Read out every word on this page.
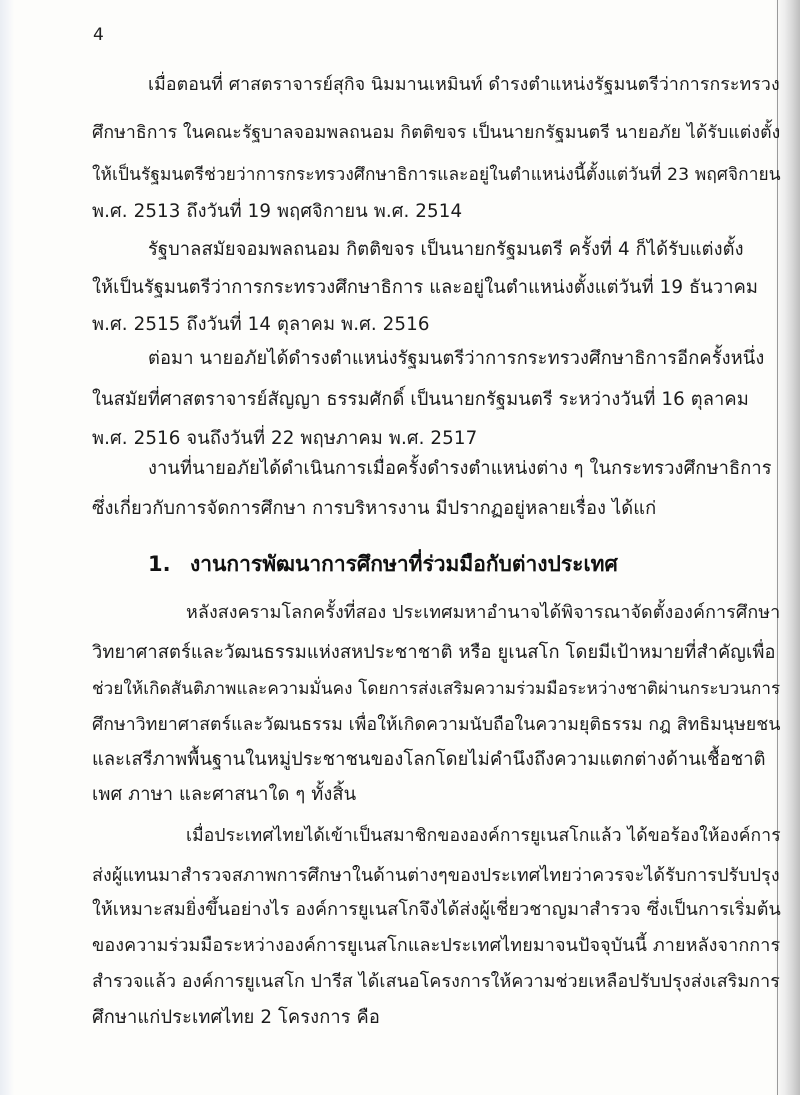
4
เมื่อตอนที่ ศาสตราจารย์สุกิจ นิมมานเหมินท์ ดำรงตำแหน่งรัฐมนตรีว่าการกระทรวง
ศึกษาธิการ ในคณะรัฐบาลจอมพลถนอม กิตติขจร เป็นนายกรัฐมนตรี นายอภัย ได้รับแต่งตั้ง
ให้เป็นรัฐมนตรีช่วยว่าการกระทรวงศึกษาธิการและอยู่ในตำแหน่งนี้ตั้งแต่วันที่ 23 พฤศจิกายน
พ.ศ. 2513 ถึงวันที่ 19 พฤศจิกายน พ.ศ. 2514
รัฐบาลสมัยจอมพลถนอม กิตติขจร เป็นนายกรัฐมนตรี ครั้งที่ 4 ก็ได้รับแต่งตั้ง
ให้เป็นรัฐมนตรีว่าการกระทรวงศึกษาธิการ และอยู่ในตำแหน่งตั้งแต่วันที่ 19 ธันวาคม
พ.ศ. 2515 ถึงวันที่ 14 ตุลาคม พ.ศ. 2516
ต่อมา นายอภัยได้ดำรงตำแหน่งรัฐมนตรีว่าการกระทรวงศึกษาธิการอีกครั้งหนึ่ง
ในสมัยที่ศาสตราจารย์สัญญา ธรรมศักดิ์ เป็นนายกรัฐมนตรี ระหว่างวันที่ 16 ตุลาคม
พ.ศ. 2516 จนถึงวันที่ 22 พฤษภาคม พ.ศ. 2517
งานที่นายอภัยได้ดำเนินการเมื่อครั้งดำรงตำแหน่งต่าง ๆ ในกระทรวงศึกษาธิการ
ซึ่งเกี่ยวกับการจัดการศึกษา การบริหารงาน มีปรากฏอยู่หลายเรื่อง ได้แก่
1. งานการพัฒนาการศึกษาที่ร่วมมือกับต่างประเทศ
หลังสงครามโลกครั้งที่สอง ประเทศมหาอำนาจได้พิจารณาจัดตั้งองค์การศึกษา
วิทยาศาสตร์และวัฒนธรรมแห่งสหประชาชาติ หรือ ยูเนสโก โดยมีเป้าหมายที่สำคัญเพื่อ
ช่วยให้เกิดสันติภาพและความมั่นคง โดยการส่งเสริมความร่วมมือระหว่างชาติผ่านกระบวนการ
ศึกษาวิทยาศาสตร์และวัฒนธรรม เพื่อให้เกิดความนับถือในความยุติธรรม กฎ สิทธิมนุษยชน
และเสรีภาพพื้นฐานในหมู่ประชาชนของโลกโดยไม่คำนึงถึงความแตกต่างด้านเชื้อชาติ
เพศ ภาษา และศาสนาใด ๆ ทั้งสิ้น
เมื่อประเทศไทยได้เข้าเป็นสมาชิกขององค์การยูเนสโกแล้ว ได้ขอร้องให้องค์การ
ส่งผู้แทนมาสำรวจสภาพการศึกษาในด้านต่างๆของประเทศไทยว่าควรจะได้รับการปรับปรุง
ให้เหมาะสมยิ่งขึ้นอย่างไร องค์การยูเนสโกจึงได้ส่งผู้เชี่ยวชาญมาสำรวจ ซึ่งเป็นการเริ่มต้น
ของความร่วมมือระหว่างองค์การยูเนสโกและประเทศไทยมาจนปัจจุบันนี้ ภายหลังจากการ
สำรวจแล้ว องค์การยูเนสโก ปารีส ได้เสนอโครงการให้ความช่วยเหลือปรับปรุงส่งเสริมการ
ศึกษาแก่ประเทศไทย 2 โครงการ คือ
